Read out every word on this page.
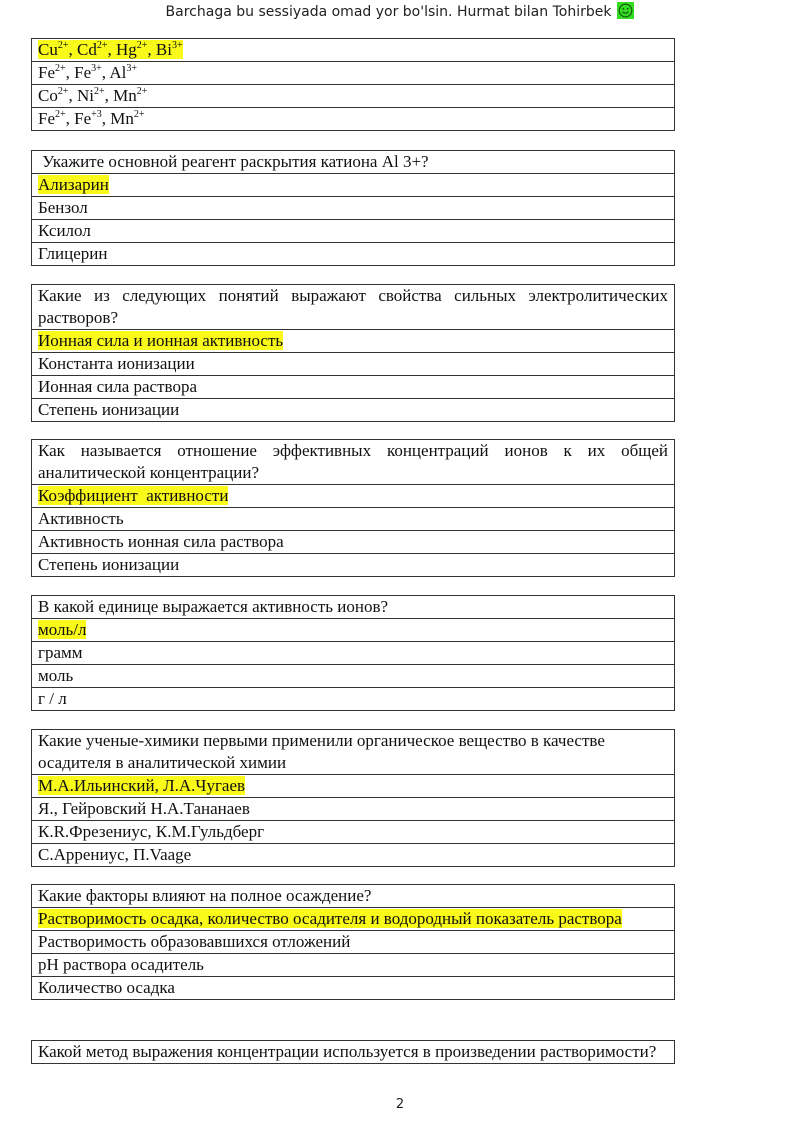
Barchaga bu sessiyada omad yor bo'lsin. Hurmat bilan Tohirbek
$Cu^{2+}$, $Cd^{2+}$, $Hg^{2+}$, $Bi^{3+}$
$Fe^{2+}$, $Fe^{3+}$, $Al^{3+}$
$Co^{2+}$, $Ni^{2+}$, $Mn^{2+}$
$Fe^{2+}$, $Fe^{+3}$, $Mn^{2+}$
Укажите основной реагент раскрытия катиона Al 3+?
Ализарин
Бензол
Ксилол
Глицерин
Какие из следующих понятий выражают свойства сильных электролитических растворов?
Ионная сила и ионная активность
Константа ионизации
Ионная сила раствора
Степень ионизации
Как называется отношение эффективных концентраций ионов к их общей аналитической концентрации?
Коэффициент  активности
Активность
Активность ионная сила раствора
Степень ионизации
В какой единице выражается активность ионов?
моль/л
грамм
моль
г / л
Какие ученые-химики первыми применили органическое вещество в качестве осадителя в аналитической химии
М.А.Ильинский, Л.А.Чугаев
Я., Гейровский Н.А.Тананаев
К.R.Фрезениус, К.М.Гульдберг
С.Аррениус, П.Vaage
Какие факторы влияют на полное осаждение?
Растворимость осадка, количество осадителя и водородный показатель раствора
Растворимость образовавшихся отложений
pH раствора осадитель
Количество осадка
Какой метод выражения концентрации используется в произведении растворимости?
2
